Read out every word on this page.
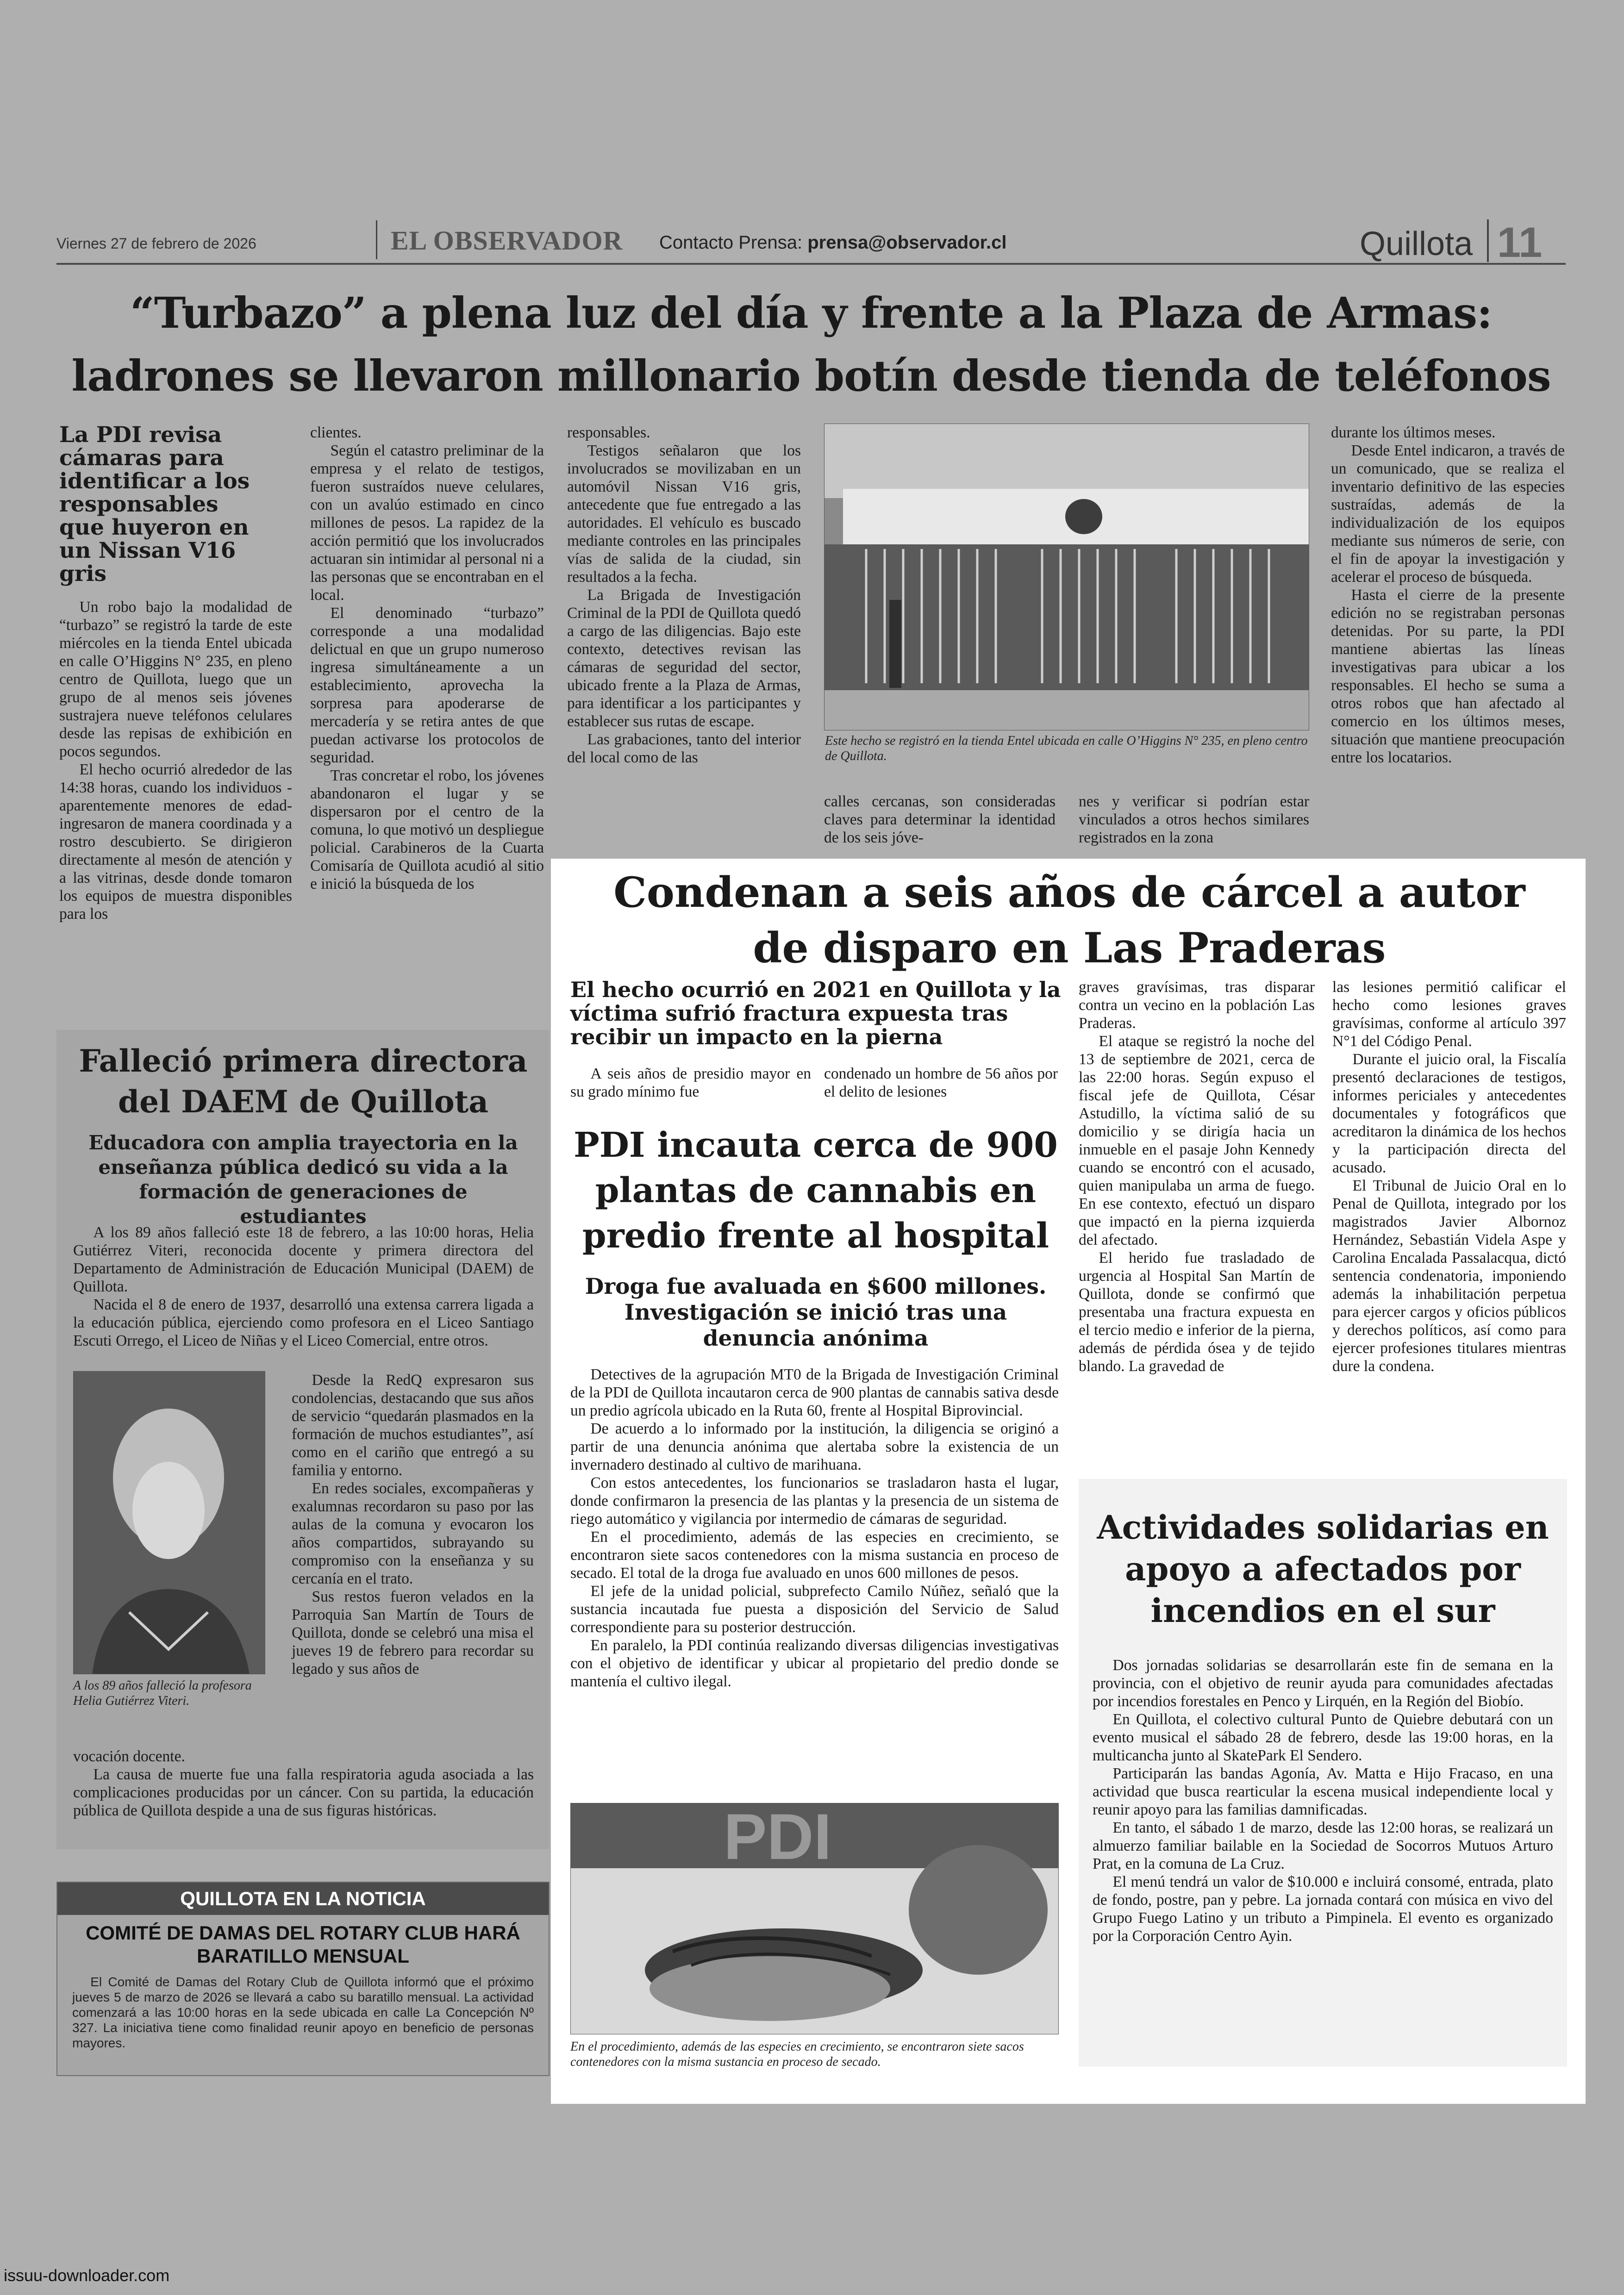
Viernes 27 de febrero de 2026	EL OBSERVADOR Contacto Prensa: prensa@observador.cl	Quillota 11
“Turbazo” a plena luz del día y frente a la Plaza de Armas: ladrones se llevaron millonario botín desde tienda de teléfonos
La PDI revisa cámaras para identificar a los responsables que huyeron en un Nissan V16 gris

Un robo bajo la modalidad de “turbazo” se registró la tarde de este miércoles en la tienda Entel ubicada en calle O’Higgins N° 235, en pleno centro de Quillota, luego que un grupo de al menos seis jóvenes sustrajera nueve teléfonos celulares desde las repisas de exhibición en pocos segundos.

El hecho ocurrió alrededor de las 14:38 horas, cuando los individuos -aparentemente menores de edad- ingresaron de manera coordinada y a rostro descubierto. Se dirigieron directamente al mesón de atención y a las vitrinas, desde donde tomaron los equipos de muestra disponibles para los

clientes.

Según el catastro preliminar de la empresa y el relato de testigos, fueron sustraídos nueve celulares, con un avalúo estimado en cinco millones de pesos. La rapidez de la acción permitió que los involucrados actuaran sin intimidar al personal ni a las personas que se encontraban en el local.

El denominado “turbazo” corresponde a una modalidad delictual en que un grupo numeroso ingresa simultáneamente a un establecimiento, aprovecha la sorpresa para apoderarse de mercadería y se retira antes de que puedan activarse los protocolos de seguridad.

Tras concretar el robo, los jóvenes abandonaron el lugar y se dispersaron por el centro de la comuna, lo que motivó un despliegue policial. Carabineros de la Cuarta Comisaría de Quillota acudió al sitio e inició la búsqueda de los

responsables.

Testigos señalaron que los involucrados se movilizaban en un automóvil Nissan V16 gris, antecedente que fue entregado a las autoridades. El vehículo es buscado mediante controles en las principales vías de salida de la ciudad, sin resultados a la fecha.

La Brigada de Investigación Criminal de la PDI de Quillota quedó a cargo de las diligencias. Bajo este contexto, detectives revisan las cámaras de seguridad del sector, ubicado frente a la Plaza de Armas, para identificar a los participantes y establecer sus rutas de escape.

Las grabaciones, tanto del interior del local como de las

Este hecho se registró en la tienda Entel ubicada en calle O’Higgins N° 235, en pleno centro de Quillota.

calles cercanas, son consideradas claves para determinar la identidad de los seis jóve-

nes y verificar si podrían estar vinculados a otros hechos similares registrados en la zona

durante los últimos meses.

Desde Entel indicaron, a través de un comunicado, que se realiza el inventario definitivo de las especies sustraídas, además de la individualización de los equipos mediante sus números de serie, con el fin de apoyar la investigación y acelerar el proceso de búsqueda.

Hasta el cierre de la presente edición no se registraban personas detenidas. Por su parte, la PDI mantiene abiertas las líneas investigativas para ubicar a los responsables. El hecho se suma a otros robos que han afectado al comercio en los últimos meses, situación que mantiene preocupación entre los locatarios.

Falleció primera directora del DAEM de Quillota
Educadora con amplia trayectoria en la enseñanza pública dedicó su vida a la formación de generaciones de estudiantes

A los 89 años falleció este 18 de febrero, a las 10:00 horas, Helia Gutiérrez Viteri, reconocida docente y primera directora del Departamento de Administración de Educación Municipal (DAEM) de Quillota.

Nacida el 8 de enero de 1937, desarrolló una extensa carrera ligada a la educación pública, ejerciendo como profesora en el Liceo Santiago Escuti Orrego, el Liceo de Niñas y el Liceo Comercial, entre otros.

A los 89 años falleció la profesora Helia Gutiérrez Viteri.

Desde la RedQ expresaron sus condolencias, destacando que sus años de servicio “quedarán plasmados en la formación de muchos estudiantes”, así como en el cariño que entregó a su familia y entorno.

En redes sociales, excompañeras y exalumnas recordaron su paso por las aulas de la comuna y evocaron los años compartidos, subrayando su compromiso con la enseñanza y su cercanía en el trato.

Sus restos fueron velados en la Parroquia San Martín de Tours de Quillota, donde se celebró una misa el jueves 19 de febrero para recordar su legado y sus años de

vocación docente.

La causa de muerte fue una falla respiratoria aguda asociada a las complicaciones producidas por un cáncer. Con su partida, la educación pública de Quillota despide a una de sus figuras históricas.

QUILLOTA EN LA NOTICIA
COMITÉ DE DAMAS DEL ROTARY CLUB HARÁ BARATILLO MENSUAL
El Comité de Damas del Rotary Club de Quillota informó que el próximo jueves 5 de marzo de 2026 se llevará a cabo su baratillo mensual. La actividad comenzará a las 10:00 horas en la sede ubicada en calle La Concepción Nº 327. La iniciativa tiene como finalidad reunir apoyo en beneficio de personas mayores.
Condenan a seis años de cárcel a autor de disparo en Las Praderas
El hecho ocurrió en 2021 en Quillota y la víctima sufrió fractura expuesta tras recibir un impacto en la pierna

A seis años de presidio mayor en su grado mínimo fue

condenado un hombre de 56 años por el delito de lesiones

graves gravísimas, tras disparar contra un vecino en la población Las Praderas.

El ataque se registró la noche del 13 de septiembre de 2021, cerca de las 22:00 horas. Según expuso el fiscal jefe de Quillota, César Astudillo, la víctima salió de su domicilio y se dirigía hacia un inmueble en el pasaje John Kennedy cuando se encontró con el acusado, quien manipulaba un arma de fuego. En ese contexto, efectuó un disparo que impactó en la pierna izquierda del afectado.

El herido fue trasladado de urgencia al Hospital San Martín de Quillota, donde se confirmó que presentaba una fractura expuesta en el tercio medio e inferior de la pierna, además de pérdida ósea y de tejido blando. La gravedad de

las lesiones permitió calificar el hecho como lesiones graves gravísimas, conforme al artículo 397 N°1 del Código Penal.

Durante el juicio oral, la Fiscalía presentó declaraciones de testigos, informes periciales y antecedentes documentales y fotográficos que acreditaron la dinámica de los hechos y la participación directa del acusado.

El Tribunal de Juicio Oral en lo Penal de Quillota, integrado por los magistrados Javier Albornoz Hernández, Sebastián Videla Aspe y Carolina Encalada Passalacqua, dictó sentencia condenatoria, imponiendo además la inhabilitación perpetua para ejercer cargos y oficios públicos y derechos políticos, así como para ejercer profesiones titulares mientras dure la condena.

PDI incauta cerca de 900 plantas de cannabis en predio frente al hospital
Droga fue avaluada en $600 millones. Investigación se inició tras una denuncia anónima

Detectives de la agrupación MT0 de la Brigada de Investigación Criminal de la PDI de Quillota incautaron cerca de 900 plantas de cannabis sativa desde un predio agrícola ubicado en la Ruta 60, frente al Hospital Biprovincial.

De acuerdo a lo informado por la institución, la diligencia se originó a partir de una denuncia anónima que alertaba sobre la existencia de un invernadero destinado al cultivo de marihuana.

Con estos antecedentes, los funcionarios se trasladaron hasta el lugar, donde confirmaron la presencia de las plantas y la presencia de un sistema de riego automático y vigilancia por intermedio de cámaras de seguridad.

En el procedimiento, además de las especies en crecimiento, se encontraron siete sacos contenedores con la misma sustancia en proceso de secado. El total de la droga fue avaluado en unos 600 millones de pesos.

El jefe de la unidad policial, subprefecto Camilo Núñez, señaló que la sustancia incautada fue puesta a disposición del Servicio de Salud correspondiente para su posterior destrucción.

En paralelo, la PDI continúa realizando diversas diligencias investigativas con el objetivo de identificar y ubicar al propietario del predio donde se mantenía el cultivo ilegal.

PDI
En el procedimiento, además de las especies en crecimiento, se encontraron siete sacos contenedores con la misma sustancia en proceso de secado.
Actividades solidarias en apoyo a afectados por incendios en el sur

Dos jornadas solidarias se desarrollarán este fin de semana en la provincia, con el objetivo de reunir ayuda para comunidades afectadas por incendios forestales en Penco y Lirquén, en la Región del Biobío.

En Quillota, el colectivo cultural Punto de Quiebre debutará con un evento musical el sábado 28 de febrero, desde las 19:00 horas, en la multicancha junto al SkatePark El Sendero.

Participarán las bandas Agonía, Av. Matta e Hijo Fracaso, en una actividad que busca rearticular la escena musical independiente local y reunir apoyo para las familias damnificadas.

En tanto, el sábado 1 de marzo, desde las 12:00 horas, se realizará un almuerzo familiar bailable en la Sociedad de Socorros Mutuos Arturo Prat, en la comuna de La Cruz.

El menú tendrá un valor de $10.000 e incluirá consomé, entrada, plato de fondo, postre, pan y pebre. La jornada contará con música en vivo del Grupo Fuego Latino y un tributo a Pimpinela. El evento es organizado por la Corporación Centro Ayin.

issuu-downloader.com
